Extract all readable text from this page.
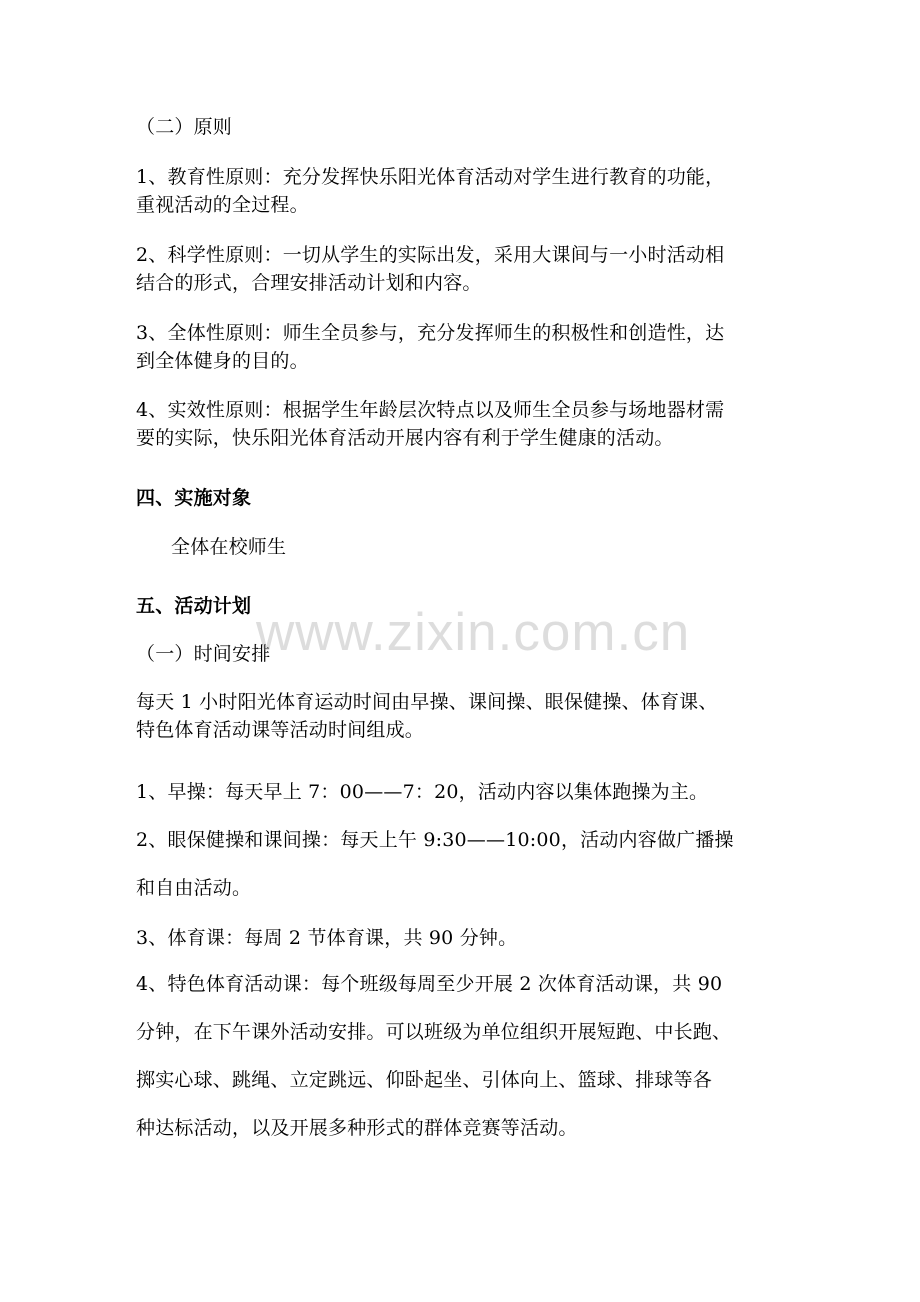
（二）原则
1、教育性原则：充分发挥快乐阳光体育活动对学生进行教育的功能，
重视活动的全过程。
2、科学性原则：一切从学生的实际出发，采用大课间与一小时活动相
结合的形式，合理安排活动计划和内容。
3、全体性原则：师生全员参与，充分发挥师生的积极性和创造性，达
到全体健身的目的。
4、实效性原则：根据学生年龄层次特点以及师生全员参与场地器材需
要的实际，快乐阳光体育活动开展内容有利于学生健康的活动。
四、实施对象
全体在校师生
五、活动计划
（一）时间安排
每天 1 小时阳光体育运动时间由早操、课间操、眼保健操、体育课、
特色体育活动课等活动时间组成。
1、早操：每天早上 7：00——7：20，活动内容以集体跑操为主。
2、眼保健操和课间操：每天上午 9:30——10:00，活动内容做广播操
和自由活动。
3、体育课：每周 2 节体育课，共 90 分钟。
4、特色体育活动课：每个班级每周至少开展 2 次体育活动课，共 90
分钟，在下午课外活动安排。可以班级为单位组织开展短跑、中长跑、
掷实心球、跳绳、立定跳远、仰卧起坐、引体向上、篮球、排球等各
种达标活动，以及开展多种形式的群体竞赛等活动。
www.zixin.com.cn
